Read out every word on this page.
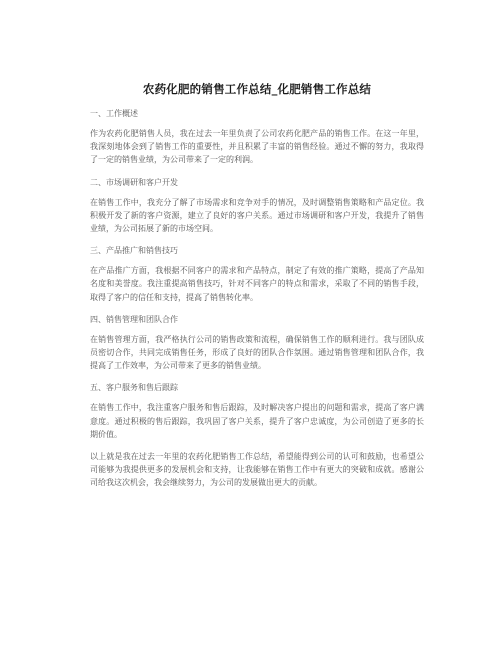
农药化肥的销售工作总结_化肥销售工作总结

一、工作概述

作为农药化肥销售人员，我在过去一年里负责了公司农药化肥产品的销售工作。在这一年里，我深刻地体会到了销售工作的重要性，并且积累了丰富的销售经验。通过不懈的努力，我取得了一定的销售业绩，为公司带来了一定的利润。

二、市场调研和客户开发

在销售工作中，我充分了解了市场需求和竞争对手的情况，及时调整销售策略和产品定位。我积极开发了新的客户资源，建立了良好的客户关系。通过市场调研和客户开发，我提升了销售业绩，为公司拓展了新的市场空间。

三、产品推广和销售技巧

在产品推广方面，我根据不同客户的需求和产品特点，制定了有效的推广策略，提高了产品知名度和美誉度。我注重提高销售技巧，针对不同客户的特点和需求，采取了不同的销售手段，取得了客户的信任和支持，提高了销售转化率。

四、销售管理和团队合作

在销售管理方面，我严格执行公司的销售政策和流程，确保销售工作的顺利进行。我与团队成员密切合作，共同完成销售任务，形成了良好的团队合作氛围。通过销售管理和团队合作，我提高了工作效率，为公司带来了更多的销售业绩。

五、客户服务和售后跟踪

在销售工作中，我注重客户服务和售后跟踪，及时解决客户提出的问题和需求，提高了客户满意度。通过积极的售后跟踪，我巩固了客户关系，提升了客户忠诚度，为公司创造了更多的长期价值。

以上就是我在过去一年里的农药化肥销售工作总结，希望能得到公司的认可和鼓励，也希望公司能够为我提供更多的发展机会和支持，让我能够在销售工作中有更大的突破和成就。感谢公司给我这次机会，我会继续努力，为公司的发展做出更大的贡献。
